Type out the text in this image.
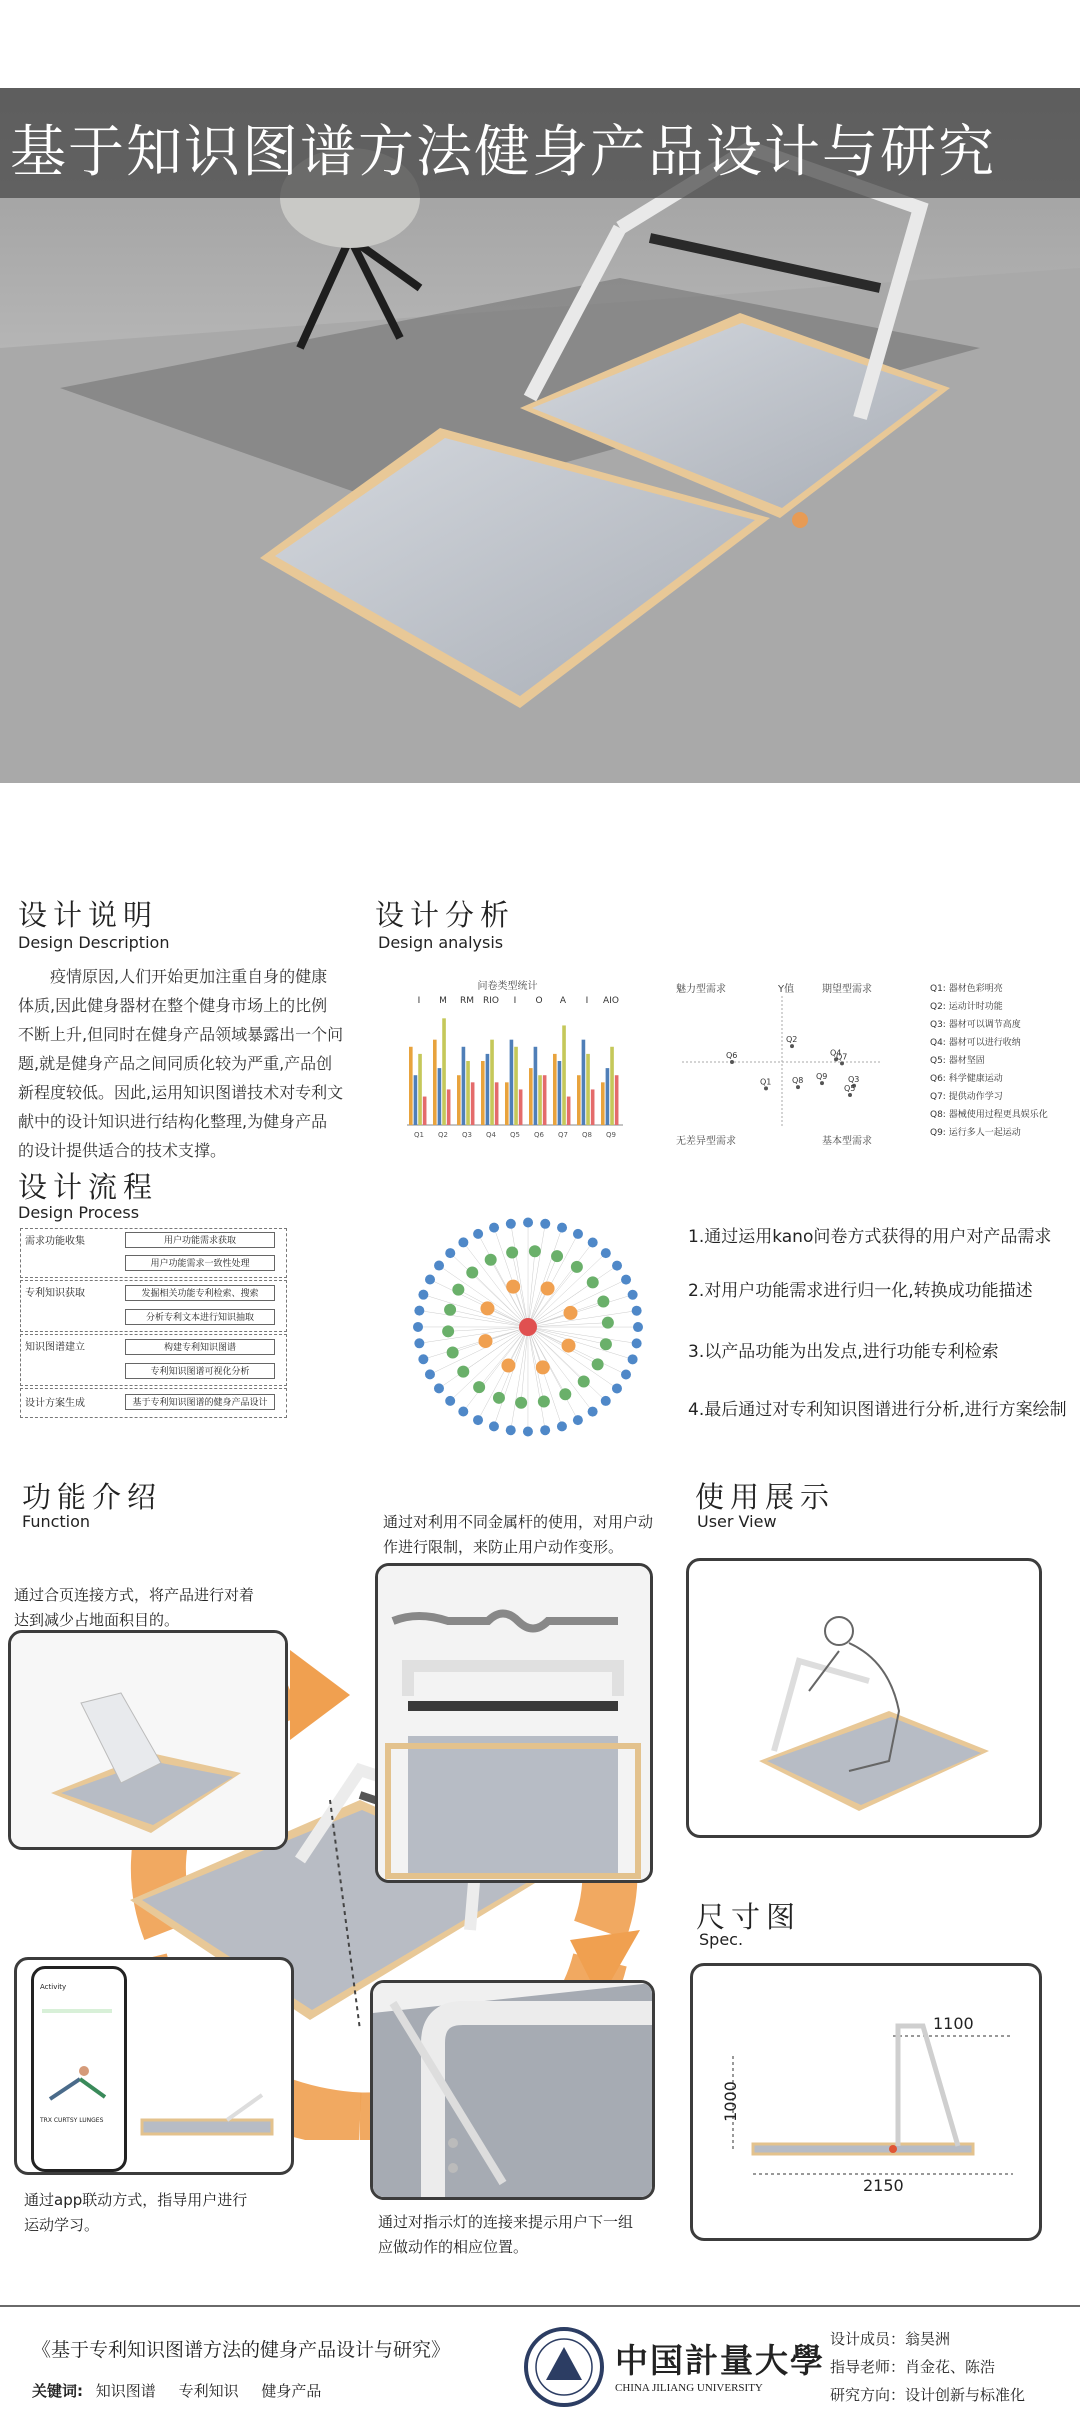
基于知识图谱方法健身产品设计与研究
设计说明
Design Description
疫情原因,人们开始更加注重自身的健康
体质,因此健身器材在整个健身市场上的比例
不断上升,但同时在健身产品领域暴露出一个问
题,就是健身产品之间同质化较为严重,产品创
新程度较低。因此,运用知识图谱技术对专利文
献中的设计知识进行结构化整理,为健身产品
的设计提供适合的技术支撑。
设计分析
Design analysis
问卷类型统计
Q1
I
Q2
M
Q3
RM
Q4
RIO
Q5
I
Q6
O
Q7
A
Q8
I
Q9
AIO
Q1
Q2
Q3
Q4
Q5
Q6	Q7
Q8 Q9
魅力型需求	期望型需求
无差异型需求	基本型需求
Y值	Q1: 器材色彩明亮
Q2: 运动计时功能
Q3: 器材可以调节高度
Q4: 器材可以进行收纳
Q5: 器材坚固
Q6: 科学健康运动
Q7: 提供动作学习
Q8: 器械使用过程更具娱乐化
Q9: 运行多人一起运动
设计流程
Design Process
需求功能收集	用户功能需求获取
用户功能需求一致性处理
专利知识获取	发掘相关功能专利检索、搜索
分析专利文本进行知识抽取
知识图谱建立	构建专利知识图谱
专利知识图谱可视化分析
设计方案生成	基于专利知识图谱的健身产品设计
1.通过运用kano问卷方式获得的用户对产品需求
2.对用户功能需求进行归一化,转换成功能描述
3.以产品功能为出发点,进行功能专利检索
4.最后通过对专利知识图谱进行分析,进行方案绘制
功能介绍
Function	通过对利用不同金属杆的使用，对用户动
作进行限制，来防止用户动作变形。
通过合页连接方式，将产品进行对着
达到减少占地面积目的。
Activity
TRX CURTSY LUNGES
通过app联动方式，指导用户进行
运动学习。	通过对指示灯的连接来提示用户下一组
应做动作的相应位置。
使用展示
User View
尺寸图
Spec.
1000
2150
1100
《基于专利知识图谱方法的健身产品设计与研究》
关键词: 知识图谱 专利知识 健身产品
中国計量大學
CHINA JILIANG UNIVERSITY
设计成员：翁昊洲
指导老师：肖金花、陈浩
研究方向：设计创新与标准化
